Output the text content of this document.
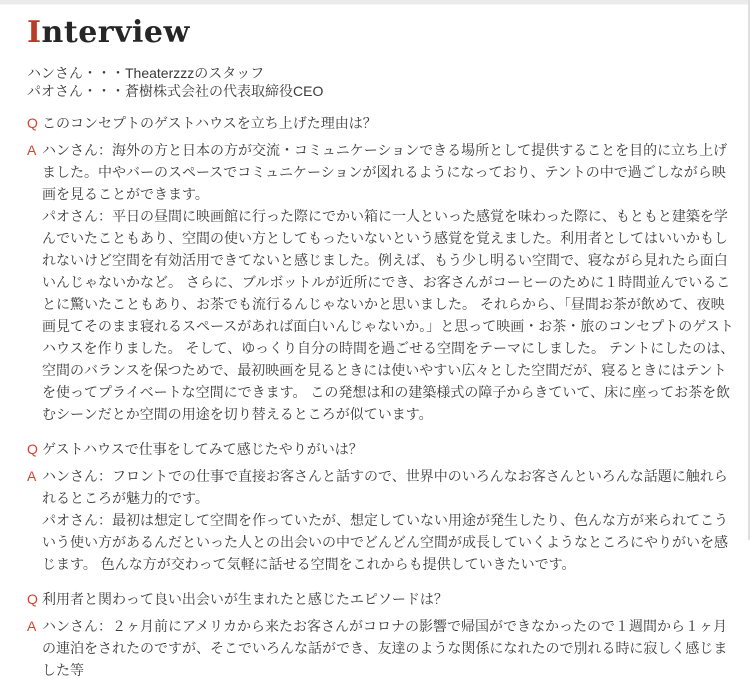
Interview
ハンさん・・・Theaterzzzのスタッフ
パオさん・・・蒼樹株式会社の代表取締役CEO
Q このコンセプトのゲストハウスを立ち上げた理由は？
A ハンさん：海外の方と日本の方が交流・コミュニケーションできる場所として提供することを目的に立ち上げました。中やバーのスペースでコミュニケーションが図れるようになっており、テントの中で過ごしながら映画を見ることができます。
パオさん：平日の昼間に映画館に行った際にでかい箱に一人といった感覚を味わった際に、もともと建築を学んでいたこともあり、空間の使い方としてもったいないという感覚を覚えました。利用者としてはいいかもしれないけど空間を有効活用できてないと感じました。例えば、もう少し明るい空間で、寝ながら見れたら面白いんじゃないかなど。 さらに、ブルボットルが近所にでき、お客さんがコーヒーのために１時間並んでいることに驚いたこともあり、お茶でも流行るんじゃないかと思いました。 それらから、「昼間お茶が飲めて、夜映画見てそのまま寝れるスペースがあれば面白いんじゃないか。」と思って映画・お茶・旅のコンセプトのゲストハウスを作りました。 そして、ゆっくり自分の時間を過ごせる空間をテーマにしました。 テントにしたのは、空間のバランスを保つためで、最初映画を見るときには使いやすい広々とした空間だが、寝るときにはテントを使ってプライベートな空間にできます。 この発想は和の建築様式の障子からきていて、床に座ってお茶を飲むシーンだとか空間の用途を切り替えるところが似ています。
Q ゲストハウスで仕事をしてみて感じたやりがいは？
A ハンさん：フロントでの仕事で直接お客さんと話すので、世界中のいろんなお客さんといろんな話題に触れられるところが魅力的です。
パオさん：最初は想定して空間を作っていたが、想定していない用途が発生したり、色んな方が来られてこういう使い方があるんだといった人との出会いの中でどんどん空間が成長していくようなところにやりがいを感じます。 色んな方が交わって気軽に話せる空間をこれからも提供していきたいです。
Q 利用者と関わって良い出会いが生まれたと感じたエピソードは？
A ハンさん：２ヶ月前にアメリカから来たお客さんがコロナの影響で帰国ができなかったので１週間から１ヶ月の連泊をされたのですが、そこでいろんな話ができ、友達のような関係になれたので別れる時に寂しく感じました等
